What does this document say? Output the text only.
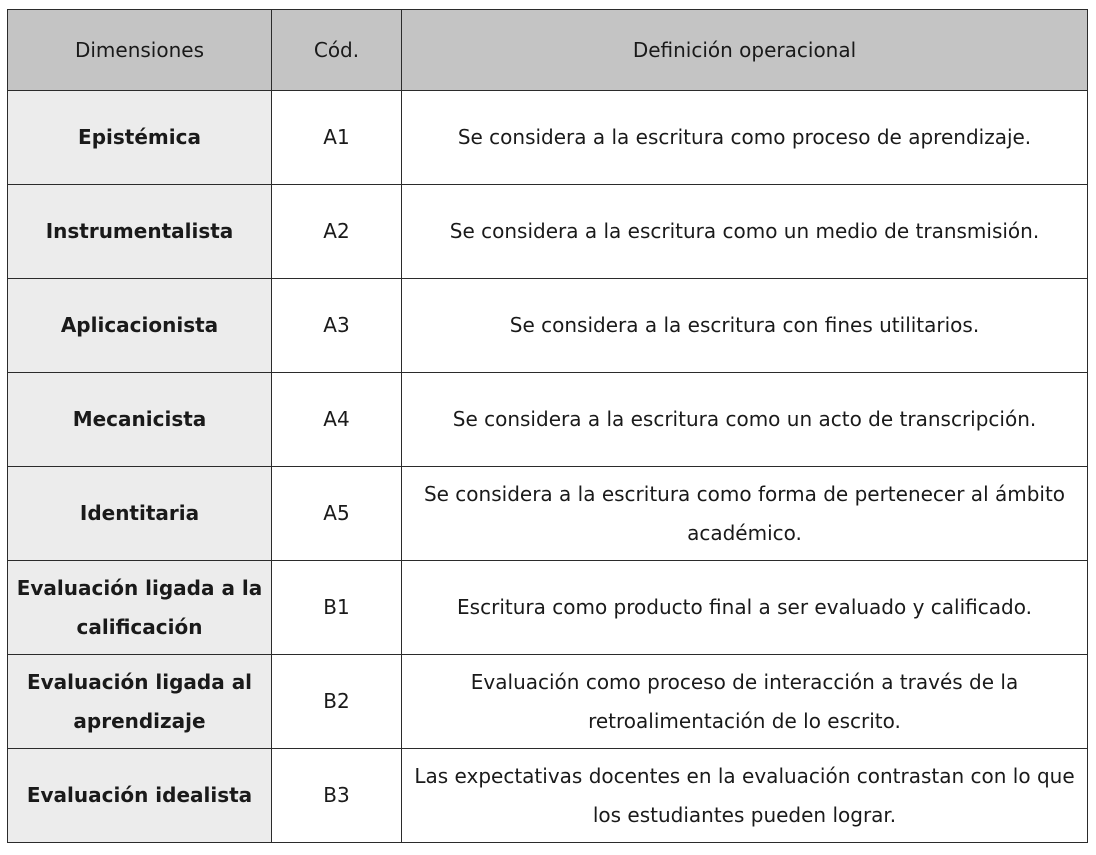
Dimensiones	Cód.	Definición operacional
Epistémica	A1	Se considera a la escritura como proceso de aprendizaje.
Instrumentalista	A2	Se considera a la escritura como un medio de transmisión.
Aplicacionista	A3	Se considera a la escritura con fines utilitarios.
Mecanicista	A4	Se considera a la escritura como un acto de transcripción.
Identitaria	A5	Se considera a la escritura como forma de pertenecer al ámbito académico.
Evaluación ligada a la calificación	B1	Escritura como producto final a ser evaluado y calificado.
Evaluación ligada al aprendizaje	B2	Evaluación como proceso de interacción a través de la retroalimentación de lo escrito.
Evaluación idealista	B3	Las expectativas docentes en la evaluación contrastan con lo que los estudiantes pueden lograr.
